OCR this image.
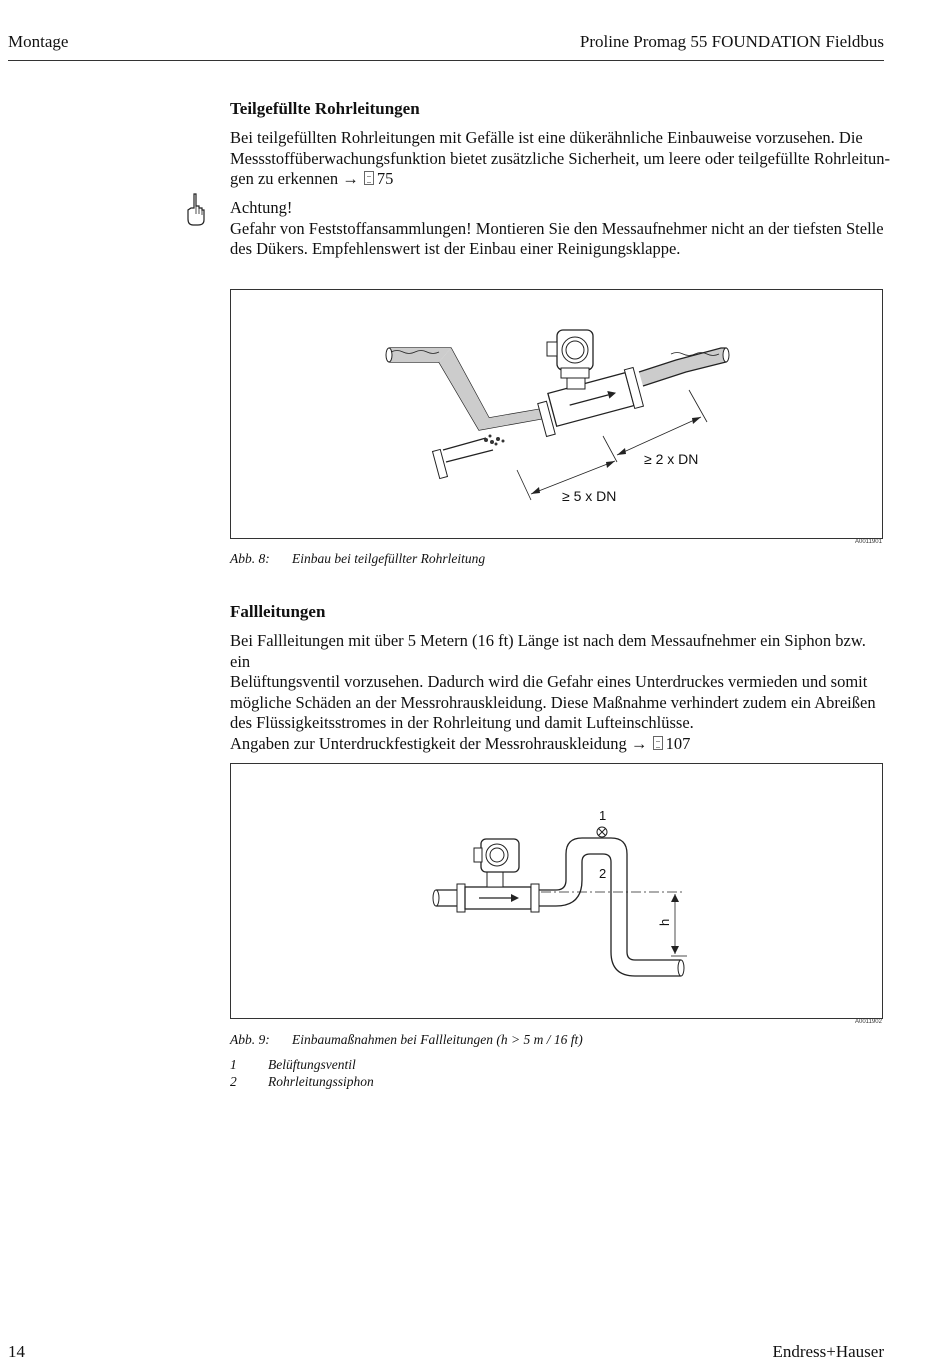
Montage	Proline Promag 55 FOUNDATION Fieldbus
Teilgefüllte Rohrleitungen
Bei teilgefüllten Rohrleitungen mit Gefälle ist eine dükerähnliche Einbauweise vorzusehen. Die
Messstoffüberwachungsfunktion bietet zusätzliche Sicherheit, um leere oder teilgefüllte Rohrleitun-
gen zu erkennen → 75
Achtung!
Gefahr von Feststoffansammlungen! Montieren Sie den Messaufnehmer nicht an der tiefsten Stelle
des Dükers. Empfehlenswert ist der Einbau einer Reinigungsklappe.
≥ 2 x DN
≥ 5 x DN
A0011901
Abb. 8: Einbau bei teilgefüllter Rohrleitung
Fallleitungen
Bei Fallleitungen mit über 5 Metern (16 ft) Länge ist nach dem Messaufnehmer ein Siphon bzw. ein
Belüftungsventil vorzusehen. Dadurch wird die Gefahr eines Unterdruckes vermieden und somit
mögliche Schäden an der Messrohrauskleidung. Diese Maßnahme verhindert zudem ein Abreißen
des Flüssigkeitsstromes in der Rohrleitung und damit Lufteinschlüsse.
Angaben zur Unterdruckfestigkeit der Messrohrauskleidung → 107
1
2
h
A0011902
Abb. 9: Einbaumaßnahmen bei Fallleitungen (h > 5 m / 16 ft)
1 Belüftungsventil
2 Rohrleitungssiphon
14	Endress+Hauser
